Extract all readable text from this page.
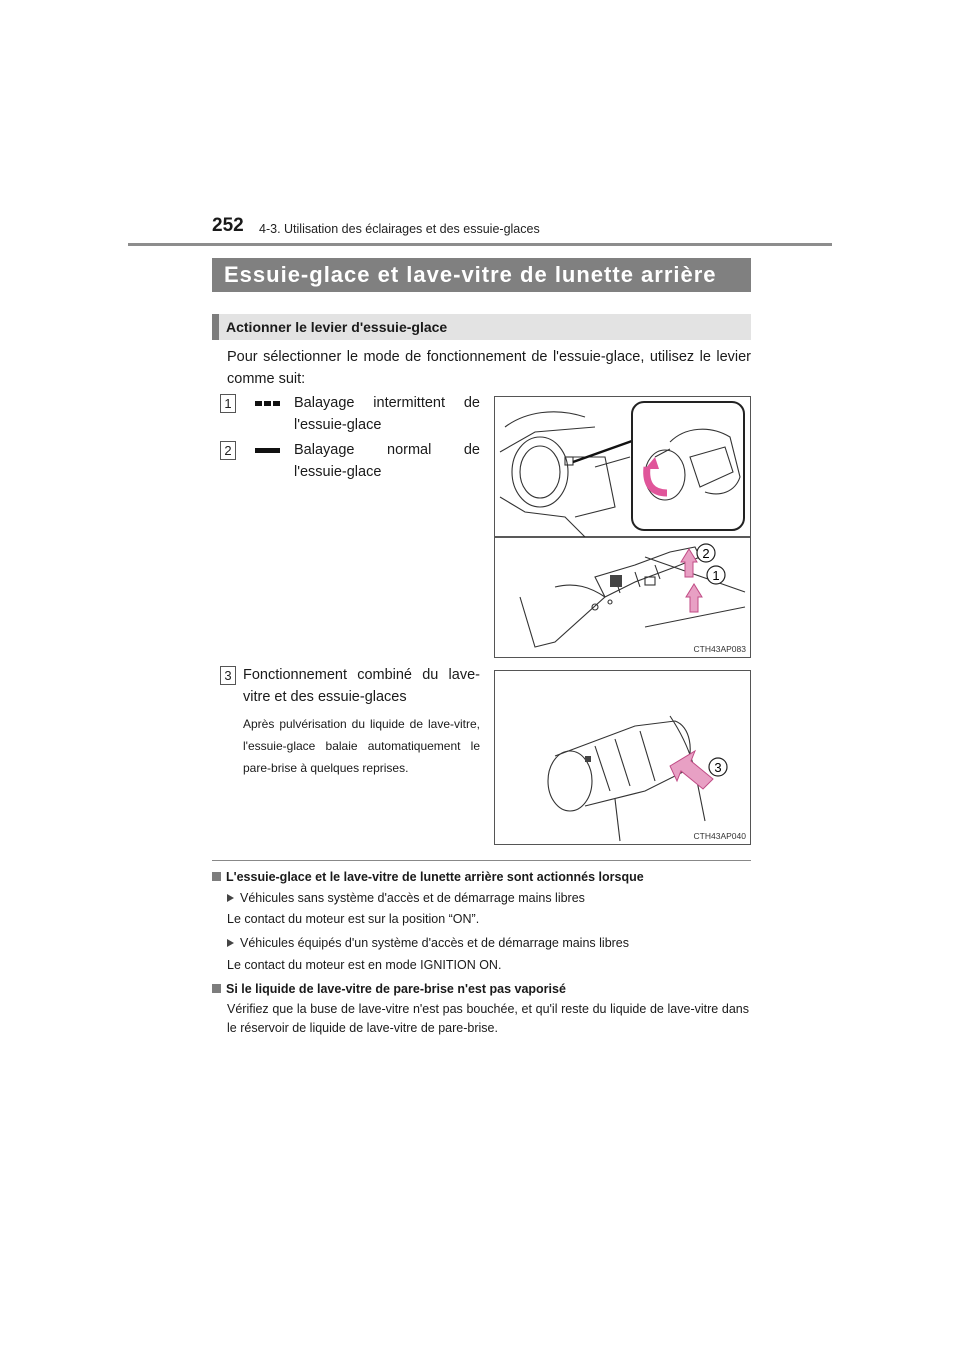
252 4-3. Utilisation des éclairages et des essuie-glaces
Essuie-glace et lave-vitre de lunette arrière
Actionner le levier d'essuie-glace
Pour sélectionner le mode de fonctionnement de l'essuie-glace, utilisez le levier comme suit:
1	Balayage intermittent de
l'essuie-glace
2	Balayage normal de
l'essuie-glace
2
1
CTH43AP083
3 Fonctionnement combiné du lave-
vitre et des essuie-glaces
Après pulvérisation du liquide de lave-vitre, l'essuie-glace balaie automatiquement le pare-brise à quelques reprises.	3
CTH43AP040
L'essuie-glace et le lave-vitre de lunette arrière sont actionnés lorsque
Véhicules sans système d'accès et de démarrage mains libres
Le contact du moteur est sur la position “ON”.
Véhicules équipés d'un système d'accès et de démarrage mains libres
Le contact du moteur est en mode IGNITION ON.
Si le liquide de lave-vitre de pare-brise n'est pas vaporisé
Vérifiez que la buse de lave-vitre n'est pas bouchée, et qu'il reste du liquide de lave-vitre dans le réservoir de liquide de lave-vitre de pare-brise.
